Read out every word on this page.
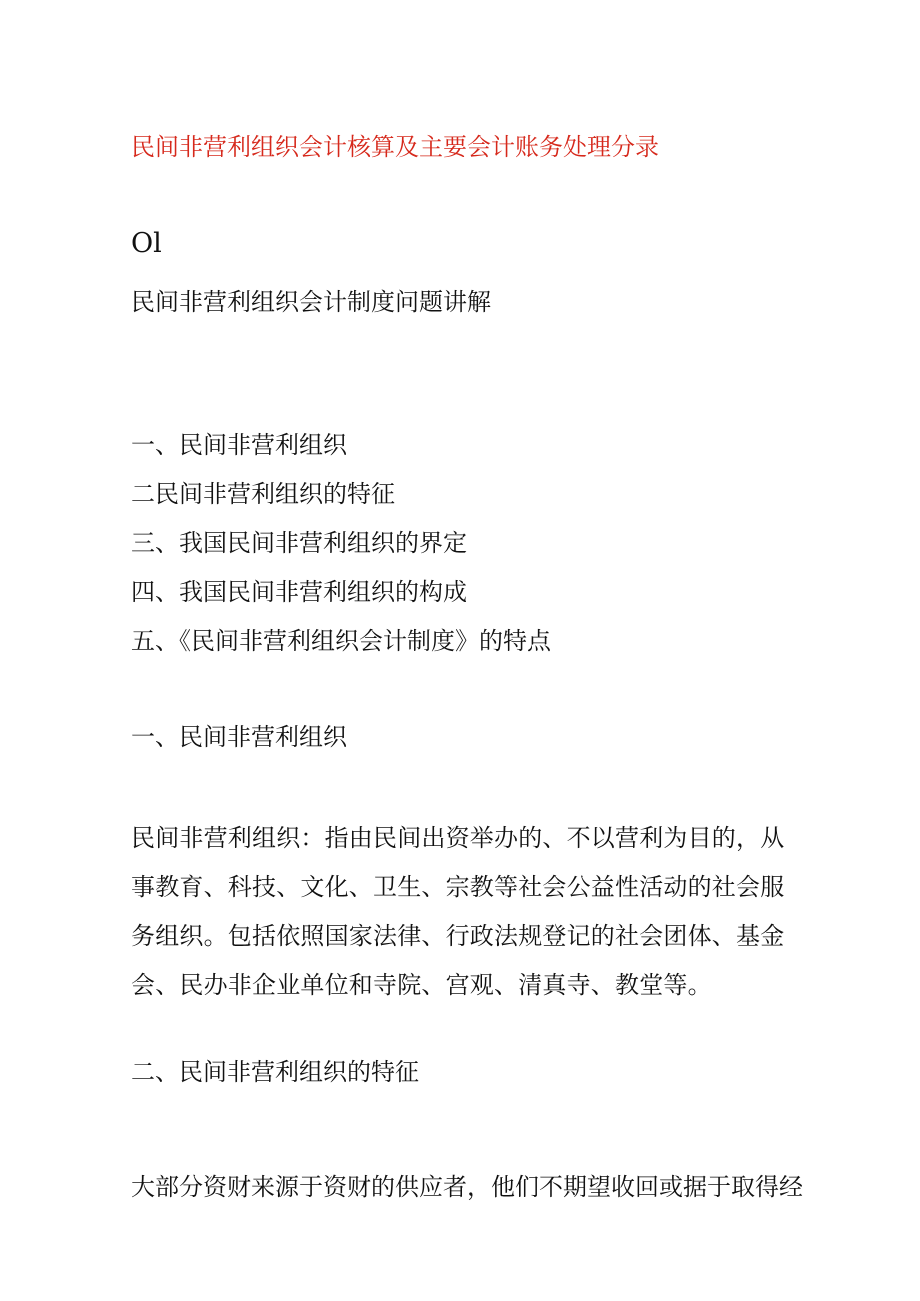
民间非营利组织会计核算及主要会计账务处理分录
Ol
民间非营利组织会计制度问题讲解
一、民间非营利组织
二民间非营利组织的特征
三、我国民间非营利组织的界定
四、我国民间非营利组织的构成
五、《民间非营利组织会计制度》的特点
一、民间非营利组织
民间非营利组织：指由民间出资举办的、不以营利为目的，从事教育、科技、文化、卫生、宗教等社会公益性活动的社会服务组织。包括依照国家法律、行政法规登记的社会团体、基金会、民办非企业单位和寺院、宫观、清真寺、教堂等。
二、民间非营利组织的特征
大部分资财来源于资财的供应者，他们不期望收回或据于取得经
